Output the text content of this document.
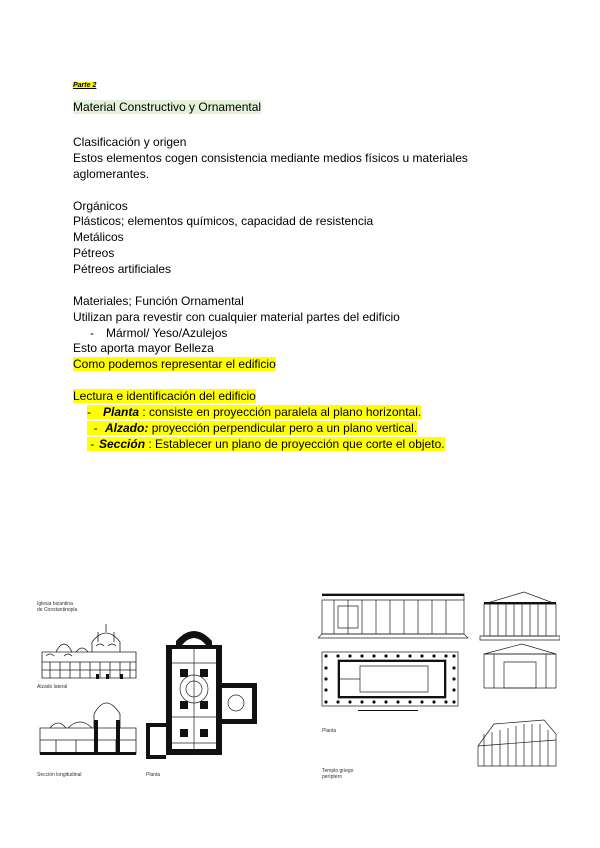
Parte 2
Material Constructivo y Ornamental
Clasificación y origen
Estos elementos cogen consistencia mediante medios físicos u materiales
aglomerantes.
Orgánicos
Plásticos; elementos químicos, capacidad de resistencia
Metálicos
Pétreos
Pétreos artificiales
Materiales; Función Ornamental
Utilizan para revestir con cualquier material partes del edificio
- Mármol/ Yeso/Azulejos
Esto aporta mayor Belleza
Como podemos representar el edificio
Lectura e identificación del edificio
- Planta : consiste en proyección paralela al plano horizontal.
- Alzado: proyección perpendicular pero a un plano vertical.
- Sección : Establecer un plano de proyección que corte el objeto.
Iglesia bizantina
de Constantinopla
Alzado lateral
Sección longitudinal	Planta
Planta
Templo griego
períptero
